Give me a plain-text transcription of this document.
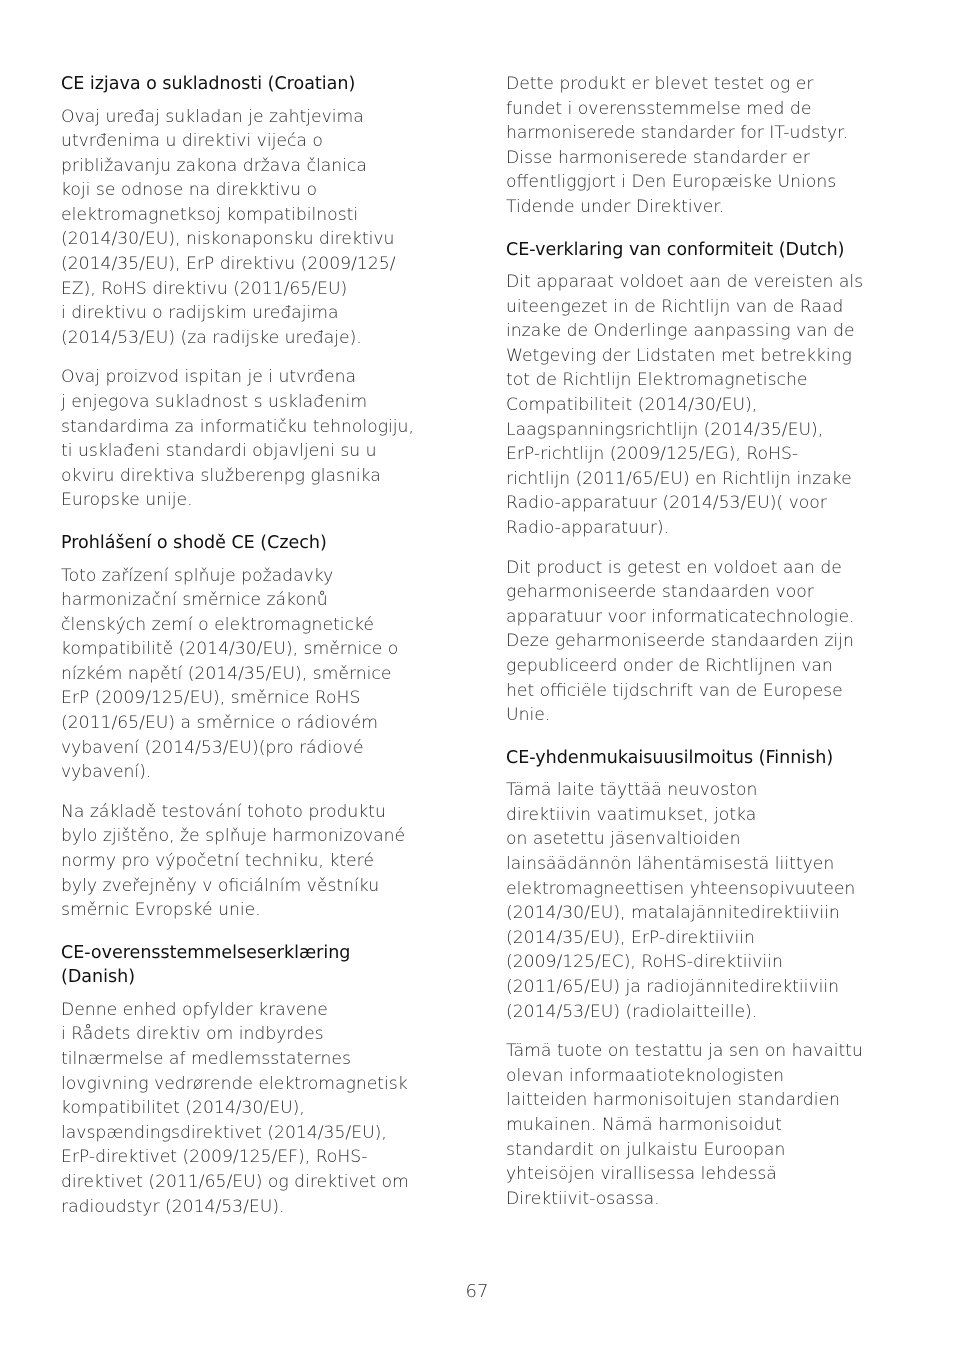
CE izjava o sukladnosti (Croatian)

Ovaj uređaj sukladan je zahtjevima
utvrđenima u direktivi vijeća o
približavanju zakona država članica
koji se odnose na direkktivu o
elektromagnetksoj kompatibilnosti
(2014/30/EU), niskonaponsku direktivu
(2014/35/EU), ErP direktivu (2009/125/
EZ), RoHS direktivu (2011/65/EU)
i direktivu o radijskim uređajima
(2014/53/EU) (za radijske uređaje).

Ovaj proizvod ispitan je i utvrđena
j enjegova sukladnost s usklađenim
standardima za informatičku tehnologiju,
ti usklađeni standardi objavljeni su u
okviru direktiva služberenpg glasnika
Europske unije.

Prohlášení o shodě CE (Czech)

Toto zařízení splňuje požadavky
harmonizační směrnice zákonů
členských zemí o elektromagnetické
kompatibilitě (2014/30/EU), směrnice o
nízkém napětí (2014/35/EU), směrnice
ErP (2009/125/EU), směrnice RoHS
(2011/65/EU) a směrnice o rádiovém
vybavení (2014/53/EU)(pro rádiové
vybavení).

Na základě testování tohoto produktu
bylo zjištěno, že splňuje harmonizované
normy pro výpočetní techniku, které
byly zveřejněny v oficiálním věstníku
směrnic Evropské unie.

CE-overensstemmelseserklæring
(Danish)

Denne enhed opfylder kravene
i Rådets direktiv om indbyrdes
tilnærmelse af medlemsstaternes
lovgivning vedrørende elektromagnetisk
kompatibilitet (2014/30/EU),
lavspændingsdirektivet (2014/35/EU),
ErP-direktivet (2009/125/EF), RoHS-
direktivet (2011/65/EU) og direktivet om
radioudstyr (2014/53/EU).

Dette produkt er blevet testet og er
fundet i overensstemmelse med de
harmoniserede standarder for IT-udstyr.
Disse harmoniserede standarder er
offentliggjort i Den Europæiske Unions
Tidende under Direktiver.

CE-verklaring van conformiteit (Dutch)

Dit apparaat voldoet aan de vereisten als
uiteengezet in de Richtlijn van de Raad
inzake de Onderlinge aanpassing van de
Wetgeving der Lidstaten met betrekking
tot de Richtlijn Elektromagnetische
Compatibiliteit (2014/30/EU),
Laagspanningsrichtlijn (2014/35/EU),
ErP-richtlijn (2009/125/EG), RoHS-
richtlijn (2011/65/EU) en Richtlijn inzake
Radio-apparatuur (2014/53/EU)( voor
Radio-apparatuur).

Dit product is getest en voldoet aan de
geharmoniseerde standaarden voor
apparatuur voor informaticatechnologie.
Deze geharmoniseerde standaarden zijn
gepubliceerd onder de Richtlijnen van
het officiële tijdschrift van de Europese
Unie.

CE-yhdenmukaisuusilmoitus (Finnish)

Tämä laite täyttää neuvoston
direktiivin vaatimukset, jotka
on asetettu jäsenvaltioiden
lainsäädännön lähentämisestä liittyen
elektromagneettisen yhteensopivuuteen
(2014/30/EU), matalajännitedirektiiviin
(2014/35/EU), ErP-direktiiviin
(2009/125/EC), RoHS-direktiiviin
(2011/65/EU) ja radiojännitedirektiiviin
(2014/53/EU) (radiolaitteille).

Tämä tuote on testattu ja sen on havaittu
olevan informaatioteknologisten
laitteiden harmonisoitujen standardien
mukainen. Nämä harmonisoidut
standardit on julkaistu Euroopan
yhteisöjen virallisessa lehdessä
Direktiivit-osassa.

67
